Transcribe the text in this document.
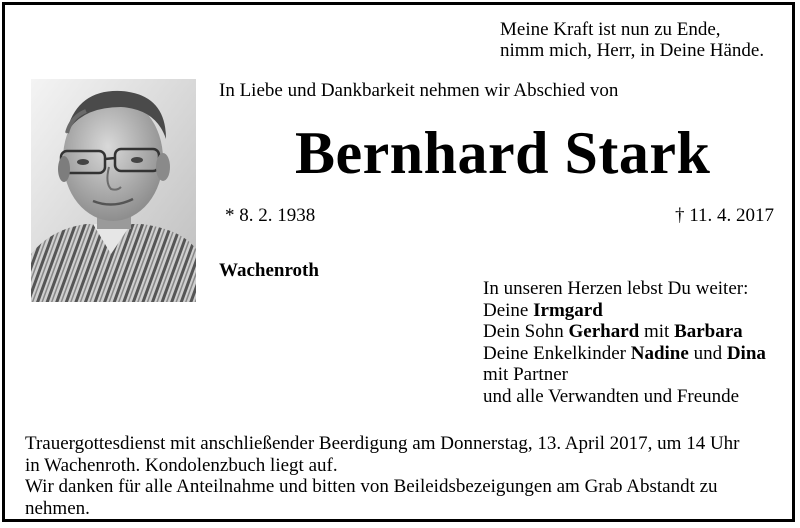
Meine Kraft ist nun zu Ende,
nimm mich, Herr, in Deine Hände.
In Liebe und Dankbarkeit nehmen wir Abschied von
Bernhard Stark
* 8. 2. 1938	† 11. 4. 2017
Wachenroth
In unseren Herzen lebst Du weiter:
Deine Irmgard
Dein Sohn Gerhard mit Barbara
Deine Enkelkinder Nadine und Dina
mit Partner
und alle Verwandten und Freunde
Trauergottesdienst mit anschließender Beerdigung am Donnerstag, 13. April 2017, um 14 Uhr
in Wachenroth. Kondolenzbuch liegt auf.
Wir danken für alle Anteilnahme und bitten von Beileidsbezeigungen am Grab Abstandt zu
nehmen.
